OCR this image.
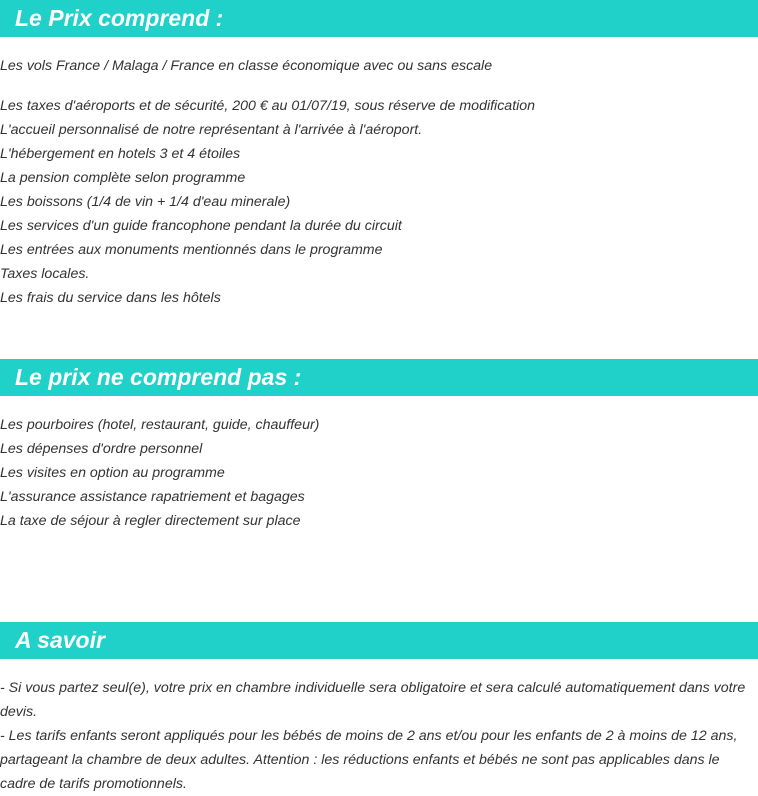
Le Prix comprend :
Les vols France / Malaga / France en classe économique avec ou sans escale
Les taxes d'aéroports et de sécurité, 200 € au 01/07/19, sous réserve de modification
L'accueil personnalisé de notre représentant à l'arrivée à l'aéroport.
L'hébergement en hotels 3 et 4 étoiles
La pension complète selon programme
Les boissons (1/4 de vin + 1/4 d'eau minerale)
Les services d'un guide francophone pendant la durée du circuit
Les entrées aux monuments mentionnés dans le programme
Taxes locales.
Les frais du service dans les hôtels
Le prix ne comprend pas :
Les pourboires (hotel, restaurant, guide, chauffeur)
Les dépenses d'ordre personnel
Les visites en option au programme
L'assurance assistance rapatriement et bagages
La taxe de séjour à regler directement sur place
A savoir

- Si vous partez seul(e), votre prix en chambre individuelle sera obligatoire et sera calculé automatiquement dans votre devis.

- Les tarifs enfants seront appliqués pour les bébés de moins de 2 ans et/ou pour les enfants de 2 à moins de 12 ans, partageant la chambre de deux adultes. Attention : les réductions enfants et bébés ne sont pas applicables dans le cadre de tarifs promotionnels.
